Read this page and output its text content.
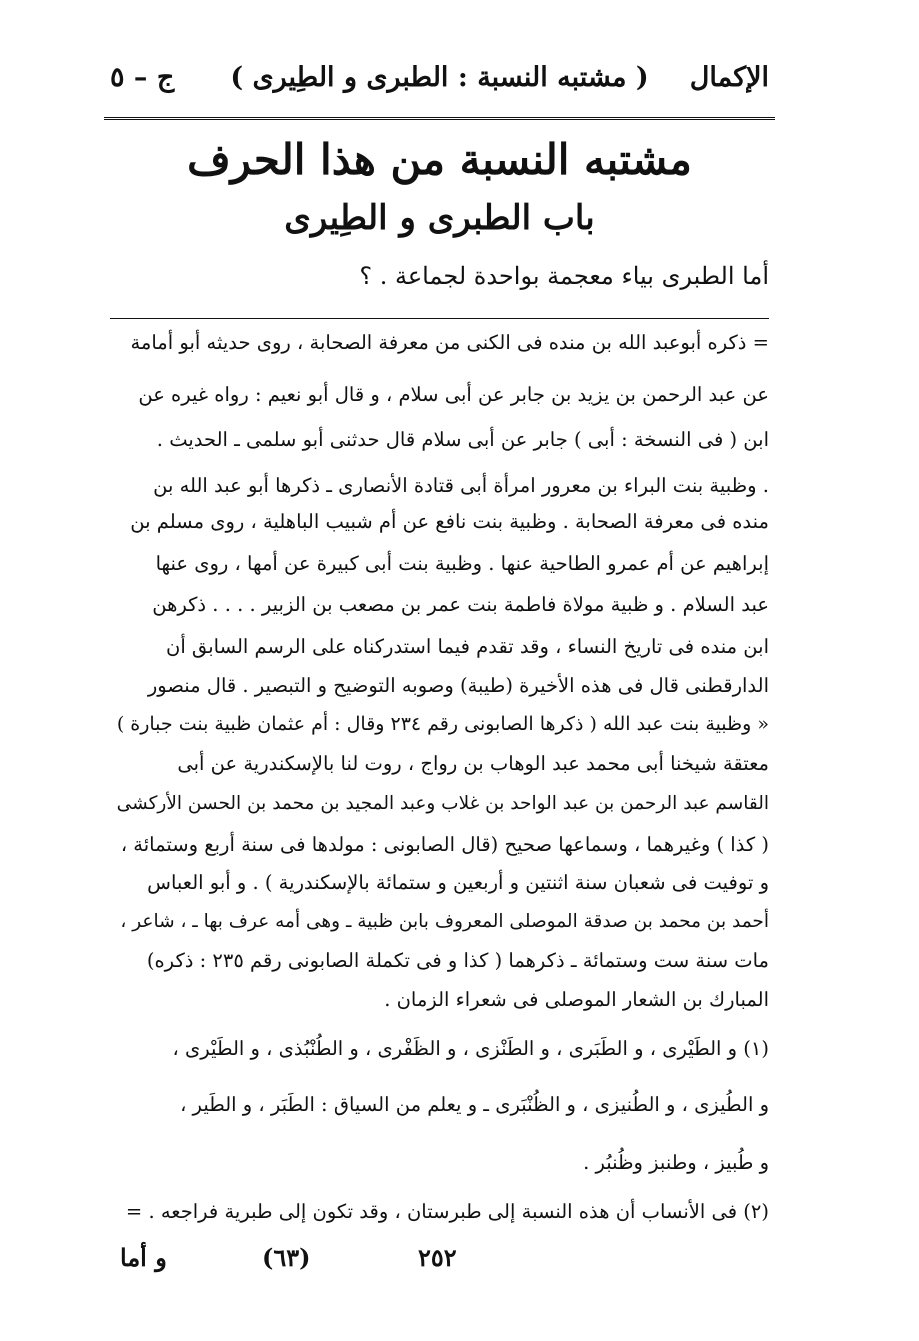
الإكمال
( مشتبه النسبة : الطبرى و الطِيرى )
ج – ٥
مشتبه النسبة من هذا الحرف
باب الطبرى و الطِيرى
أما الطبرى بياء معجمة بواحدة لجماعة . ؟
= ذكره أبوعبد الله بن منده فى الكنى من معرفة الصحابة ، روى حديثه أبو أمامة
عن عبد الرحمن بن يزيد بن جابر عن أبى سلام ، و قال أبو نعيم : رواه غيره عن
ابن ( فى النسخة : أبى ) جابر عن أبى سلام قال حدثنى أبو سلمى ـ الحديث .
. وظبية بنت البراء بن معرور امرأة أبى قتادة الأنصارى ـ ذكرها أبو عبد الله بن
منده فى معرفة الصحابة . وظبية بنت نافع عن أم شبيب الباهلية ، روى مسلم بن
إبراهيم عن أم عمرو الطاحية عنها . وظبية بنت أبى كبيرة عن أمها ، روى عنها
عبد السلام . و ظبية مولاة فاطمة بنت عمر بن مصعب بن الزبير . . . . ذكرهن
ابن منده فى تاريخ النساء ، وقد تقدم فيما استدركناه على الرسم السابق أن
الدارقطنى قال فى هذه الأخيرة (طيبة) وصوبه التوضيح و التبصير . قال منصور
« وظبية بنت عبد الله ( ذكرها الصابونى رقم ٢٣٤ وقال : أم عثمان ظبية بنت جبارة )
معتقة شيخنا أبى محمد عبد الوهاب بن رواج ، روت لنا بالإسكندرية عن أبى
القاسم عبد الرحمن بن عبد الواحد بن غلاب وعبد المجيد بن محمد بن الحسن الأركشى
( كذا ) وغيرهما ، وسماعها صحيح (قال الصابونى : مولدها فى سنة أربع وستمائة ،
و توفيت فى شعبان سنة اثنتين و أربعين و ستمائة بالإسكندرية ) . و أبو العباس
أحمد بن محمد بن صدقة الموصلى المعروف بابن ظبية ـ وهى أمه عرف بها ـ ، شاعر ،
مات سنة ست وستمائة ـ ذكرهما ( كذا و فى تكملة الصابونى رقم ٢٣٥ : ذكره)
المبارك بن الشعار الموصلى فى شعراء الزمان .
(١) و الطَيْرى ، و الطَبَرى ، و الطَنْزى ، و الظَفْرى ، و الطُنْبُذى ، و الطَيْرى ،
و الطُيزى ، و الطُنيزى ، و الظُنْبَرى ـ و يعلم من السياق : الطَبَر ، و الطَير ،
و طُبيز ، وطنبز وظُنبُر .
(٢) فى الأنساب أن هذه النسبة إلى طبرستان ، وقد تكون إلى طبرية فراجعه . =
و أما	(٦٣)	٢٥٢
